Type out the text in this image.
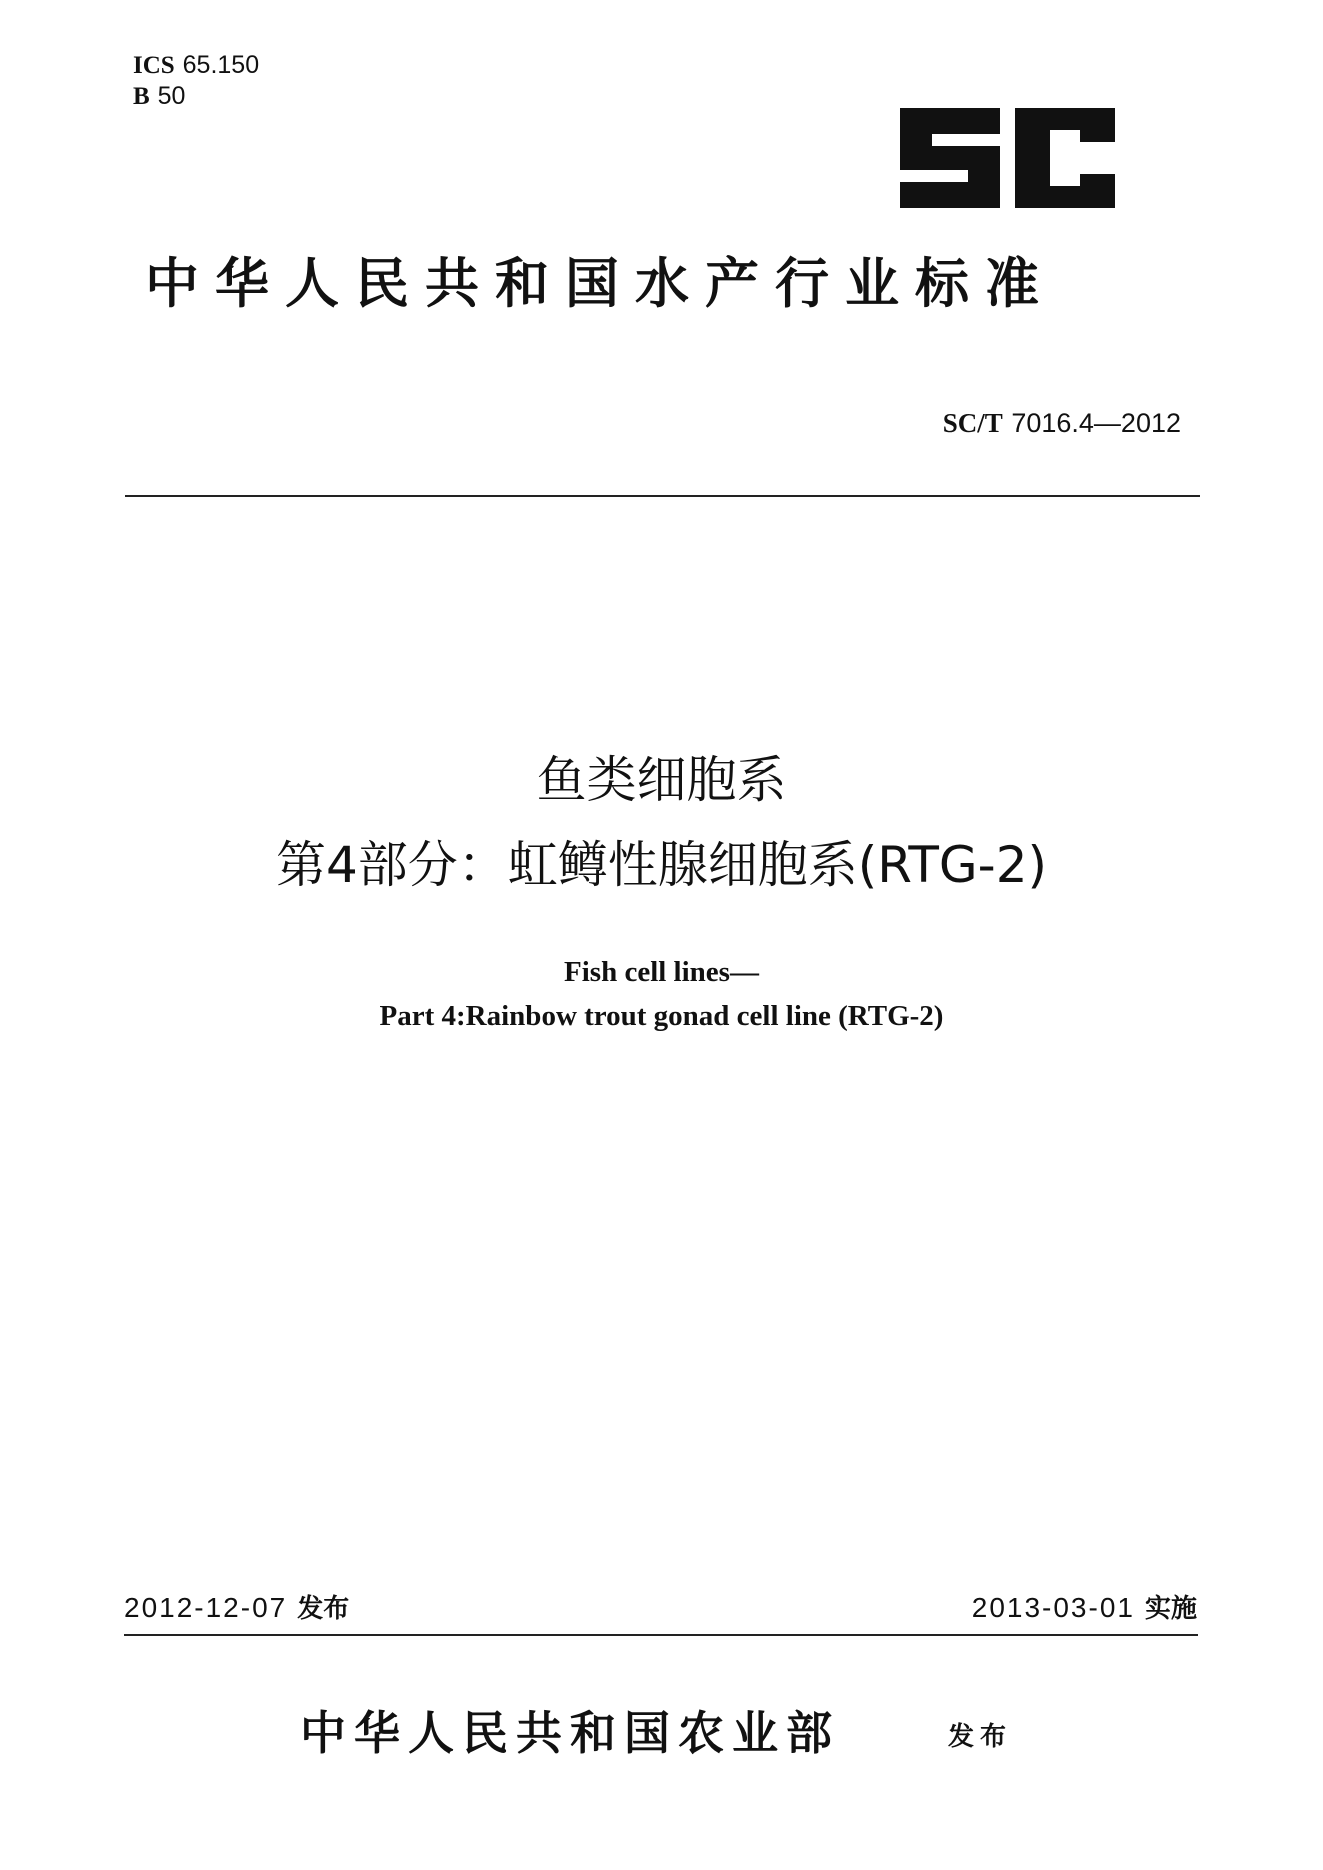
ICS 65.150
B 50
中华人民共和国水产行业标准
SC/T 7016.4—2012
鱼类细胞系
第4部分：虹鳟性腺细胞系(RTG-2)
Fish cell lines—
Part 4:Rainbow trout gonad cell line (RTG-2)
2012-12-07 发布	2013-03-01 实施
中华人民共和国农业部	发布
